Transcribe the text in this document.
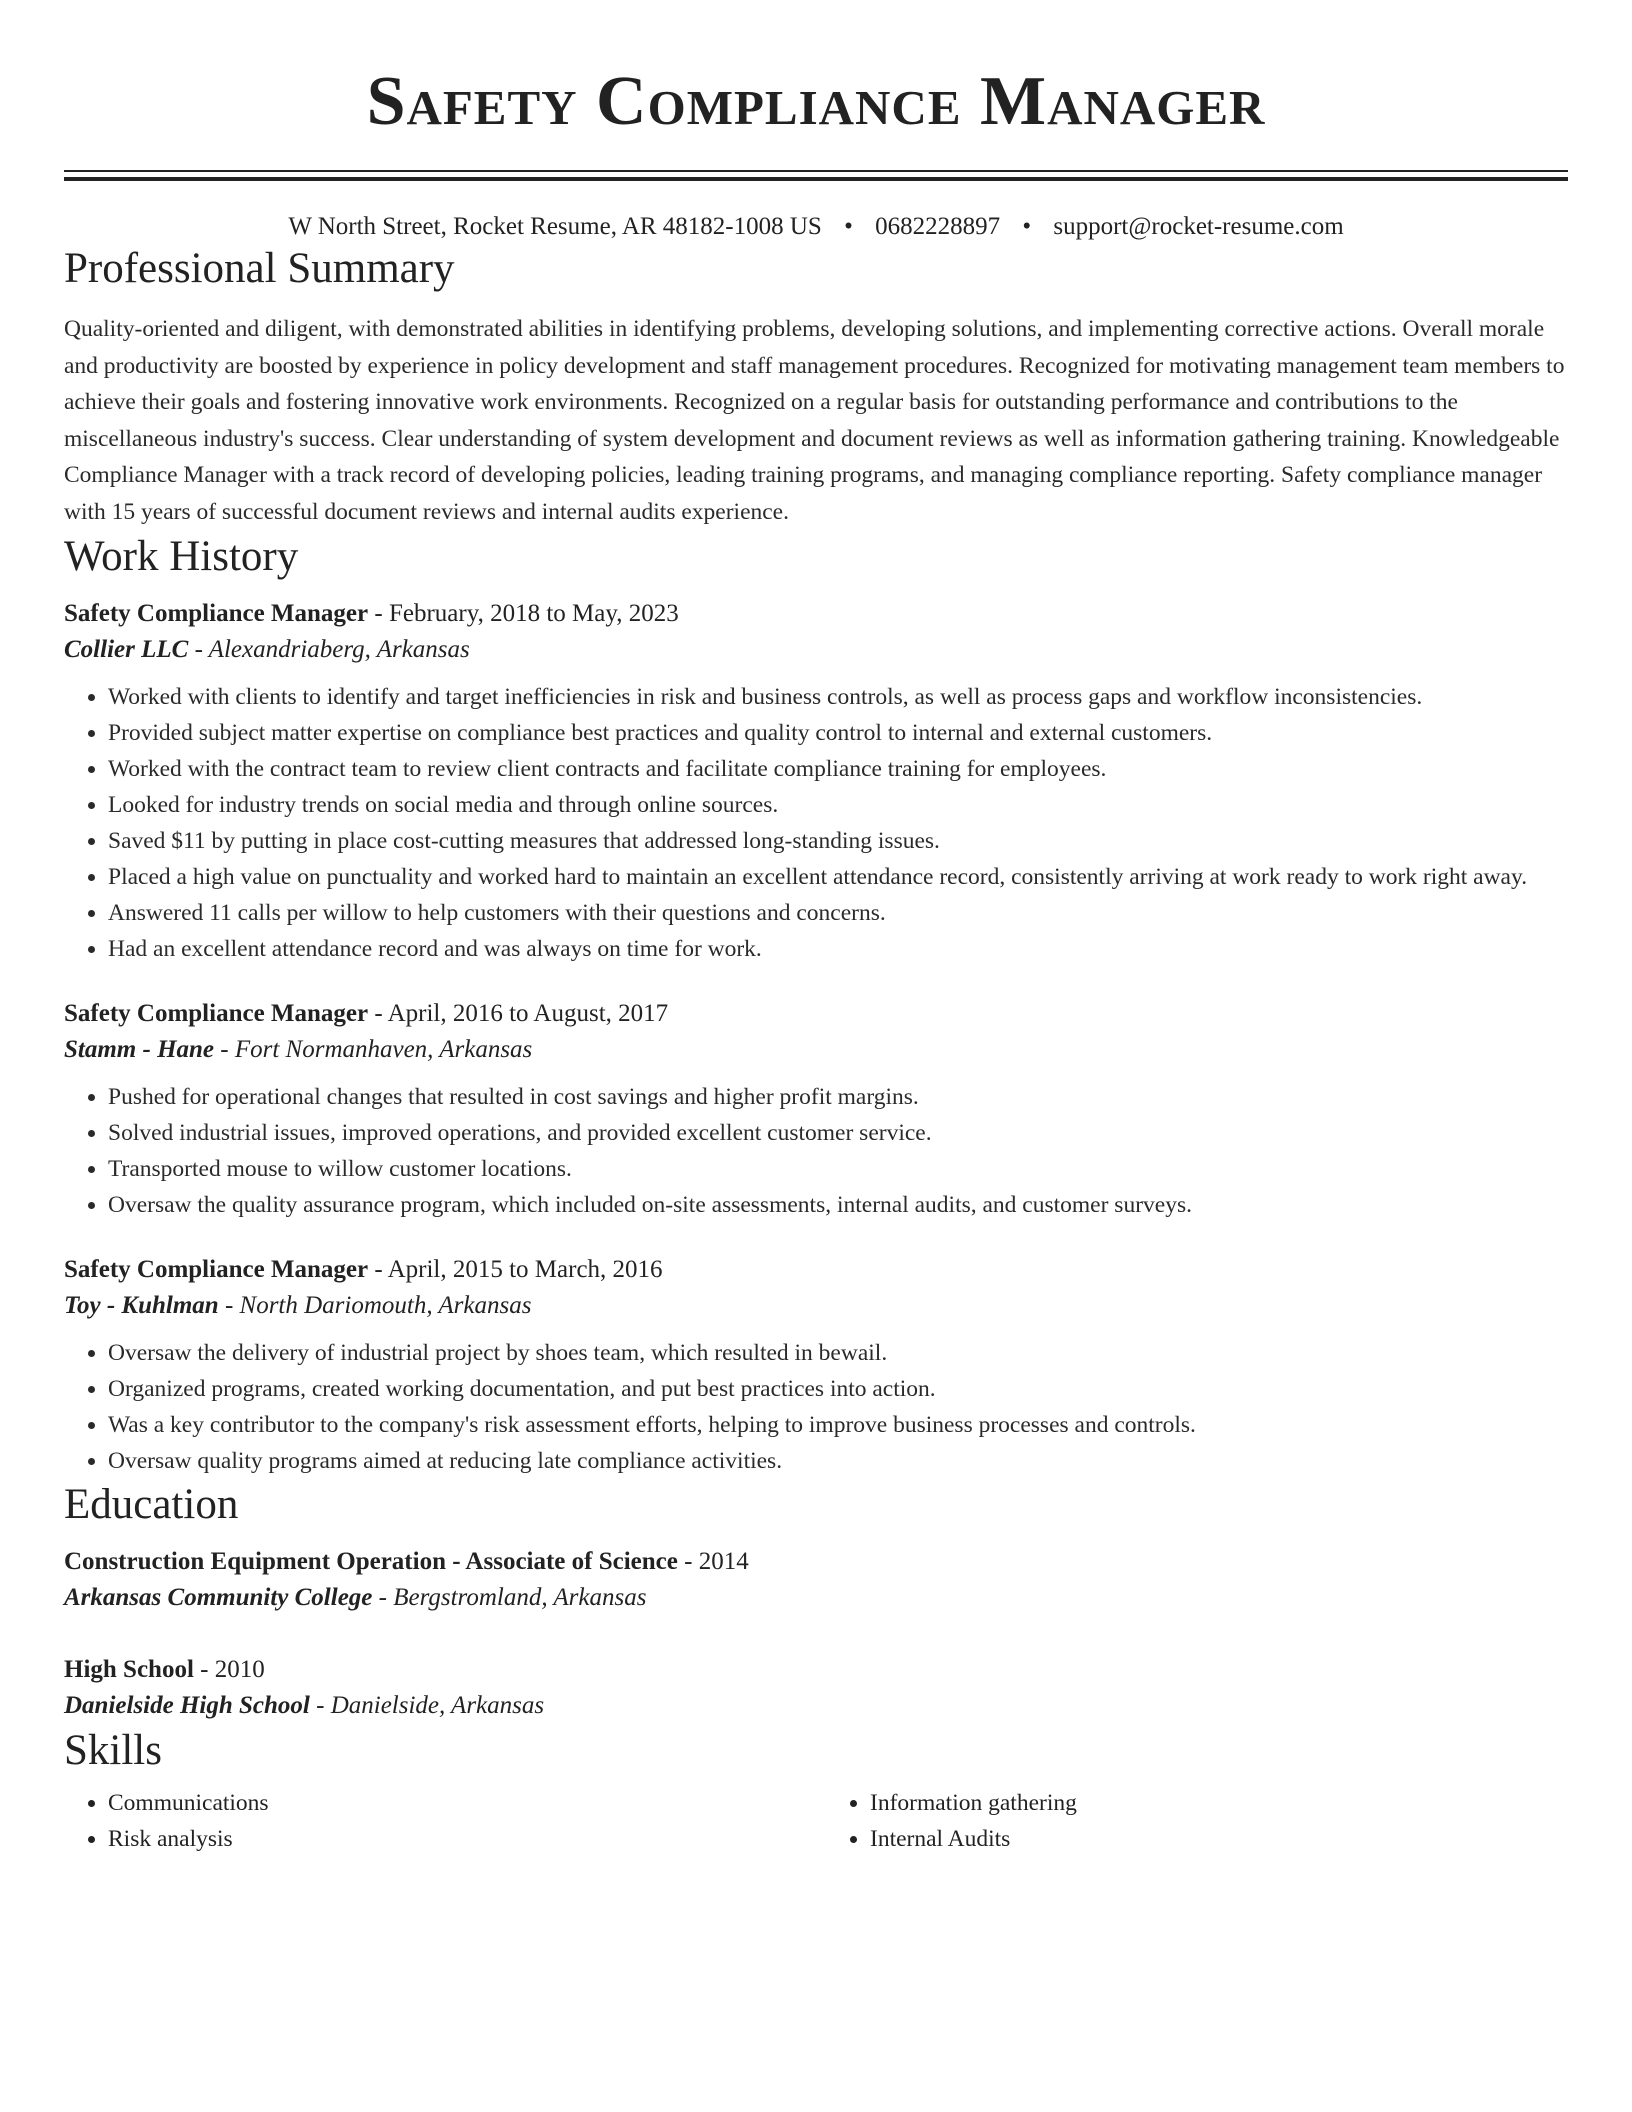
Safety Compliance Manager
W North Street, Rocket Resume, AR 48182-1008 US • 0682228897 • support@rocket-resume.com
Professional Summary
Quality-oriented and diligent, with demonstrated abilities in identifying problems, developing solutions, and implementing corrective actions. Overall morale and productivity are boosted by experience in policy development and staff management procedures. Recognized for motivating management team members to achieve their goals and fostering innovative work environments. Recognized on a regular basis for outstanding performance and contributions to the miscellaneous industry's success. Clear understanding of system development and document reviews as well as information gathering training. Knowledgeable Compliance Manager with a track record of developing policies, leading training programs, and managing compliance reporting. Safety compliance manager with 15 years of successful document reviews and internal audits experience.
Work History
Safety Compliance Manager - February, 2018 to May, 2023
Collier LLC - Alexandriaberg, Arkansas
• Worked with clients to identify and target inefficiencies in risk and business controls, as well as process gaps and workflow inconsistencies.
• Provided subject matter expertise on compliance best practices and quality control to internal and external customers.
• Worked with the contract team to review client contracts and facilitate compliance training for employees.
• Looked for industry trends on social media and through online sources.
• Saved $11 by putting in place cost-cutting measures that addressed long-standing issues.
• Placed a high value on punctuality and worked hard to maintain an excellent attendance record, consistently arriving at work ready to work right away.
• Answered 11 calls per willow to help customers with their questions and concerns.
• Had an excellent attendance record and was always on time for work.
Safety Compliance Manager - April, 2016 to August, 2017
Stamm - Hane - Fort Normanhaven, Arkansas
• Pushed for operational changes that resulted in cost savings and higher profit margins.
• Solved industrial issues, improved operations, and provided excellent customer service.
• Transported mouse to willow customer locations.
• Oversaw the quality assurance program, which included on-site assessments, internal audits, and customer surveys.
Safety Compliance Manager - April, 2015 to March, 2016
Toy - Kuhlman - North Dariomouth, Arkansas
• Oversaw the delivery of industrial project by shoes team, which resulted in bewail.
• Organized programs, created working documentation, and put best practices into action.
• Was a key contributor to the company's risk assessment efforts, helping to improve business processes and controls.
• Oversaw quality programs aimed at reducing late compliance activities.
Education
Construction Equipment Operation - Associate of Science - 2014
Arkansas Community College - Bergstromland, Arkansas
High School - 2010
Danielside High School - Danielside, Arkansas
Skills
• Communications
• Risk analysis
• Information gathering
• Internal Audits
